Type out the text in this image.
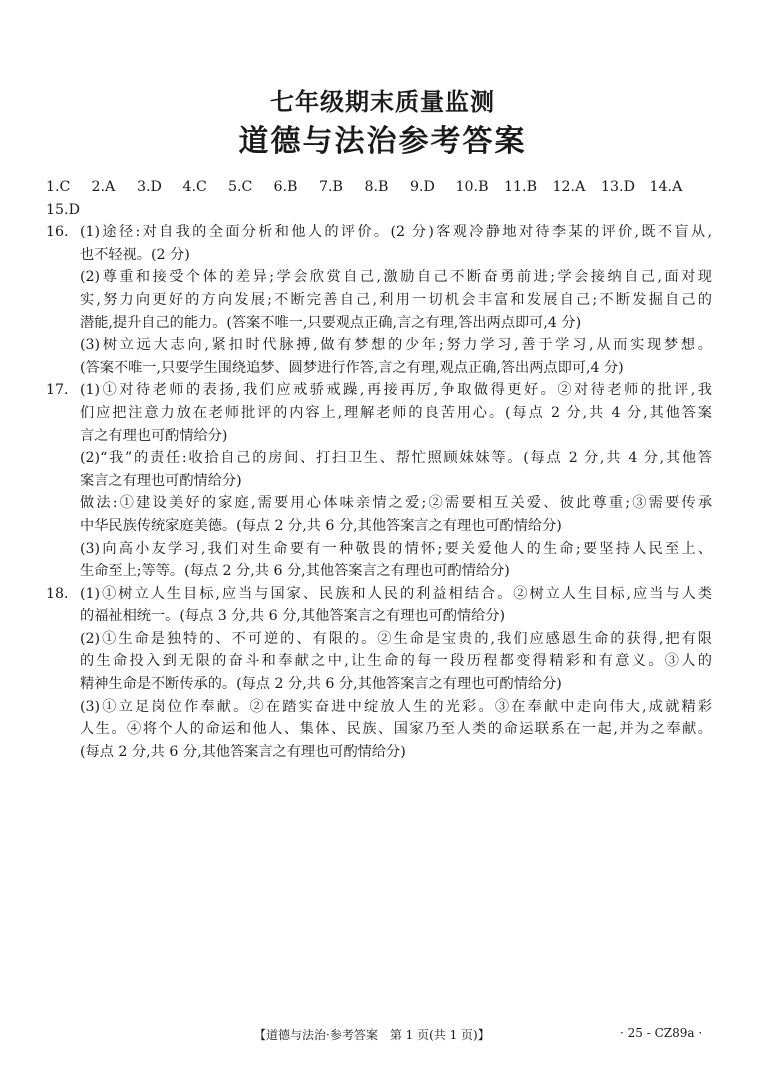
七年级期末质量监测
道德与法治参考答案
1.C	2.A	3.D	4.C	5.C	6.B	7.B	8.B	9.D	10.B	11.B	12.A	13.D	14.A
15.D
16. (1)途径:对自我的全面分析和他人的评价。(2 分)客观冷静地对待李某的评价,既不盲从,
也不轻视。(2 分)
(2)尊重和接受个体的差异;学会欣赏自己,激励自己不断奋勇前进;学会接纳自己,面对现
实,努力向更好的方向发展;不断完善自己,利用一切机会丰富和发展自己;不断发掘自己的
潜能,提升自己的能力。(答案不唯一,只要观点正确,言之有理,答出两点即可,4 分)
(3)树立远大志向,紧扣时代脉搏,做有梦想的少年;努力学习,善于学习,从而实现梦想。
(答案不唯一,只要学生围绕追梦、圆梦进行作答,言之有理,观点正确,答出两点即可,4 分)
17. (1)①对待老师的表扬,我们应戒骄戒躁,再接再厉,争取做得更好。②对待老师的批评,我
们应把注意力放在老师批评的内容上,理解老师的良苦用心。(每点 2 分,共 4 分,其他答案
言之有理也可酌情给分)
(2)“我”的责任:收拾自己的房间、打扫卫生、帮忙照顾妹妹等。(每点 2 分,共 4 分,其他答
案言之有理也可酌情给分)
做法:①建设美好的家庭,需要用心体味亲情之爱;②需要相互关爱、彼此尊重;③需要传承
中华民族传统家庭美德。(每点 2 分,共 6 分,其他答案言之有理也可酌情给分)
(3)向高小友学习,我们对生命要有一种敬畏的情怀;要关爱他人的生命;要坚持人民至上、
生命至上;等等。(每点 2 分,共 6 分,其他答案言之有理也可酌情给分)
18. (1)①树立人生目标,应当与国家、民族和人民的利益相结合。②树立人生目标,应当与人类
的福祉相统一。(每点 3 分,共 6 分,其他答案言之有理也可酌情给分)
(2)①生命是独特的、不可逆的、有限的。②生命是宝贵的,我们应感恩生命的获得,把有限
的生命投入到无限的奋斗和奉献之中,让生命的每一段历程都变得精彩和有意义。③人的
精神生命是不断传承的。(每点 2 分,共 6 分,其他答案言之有理也可酌情给分)
(3)①立足岗位作奉献。②在踏实奋进中绽放人生的光彩。③在奉献中走向伟大,成就精彩
人生。④将个人的命运和他人、集体、民族、国家乃至人类的命运联系在一起,并为之奉献。
(每点 2 分,共 6 分,其他答案言之有理也可酌情给分)
【道德与法治·参考答案　第 1 页(共 1 页)】	· 25 - CZ89a ·
